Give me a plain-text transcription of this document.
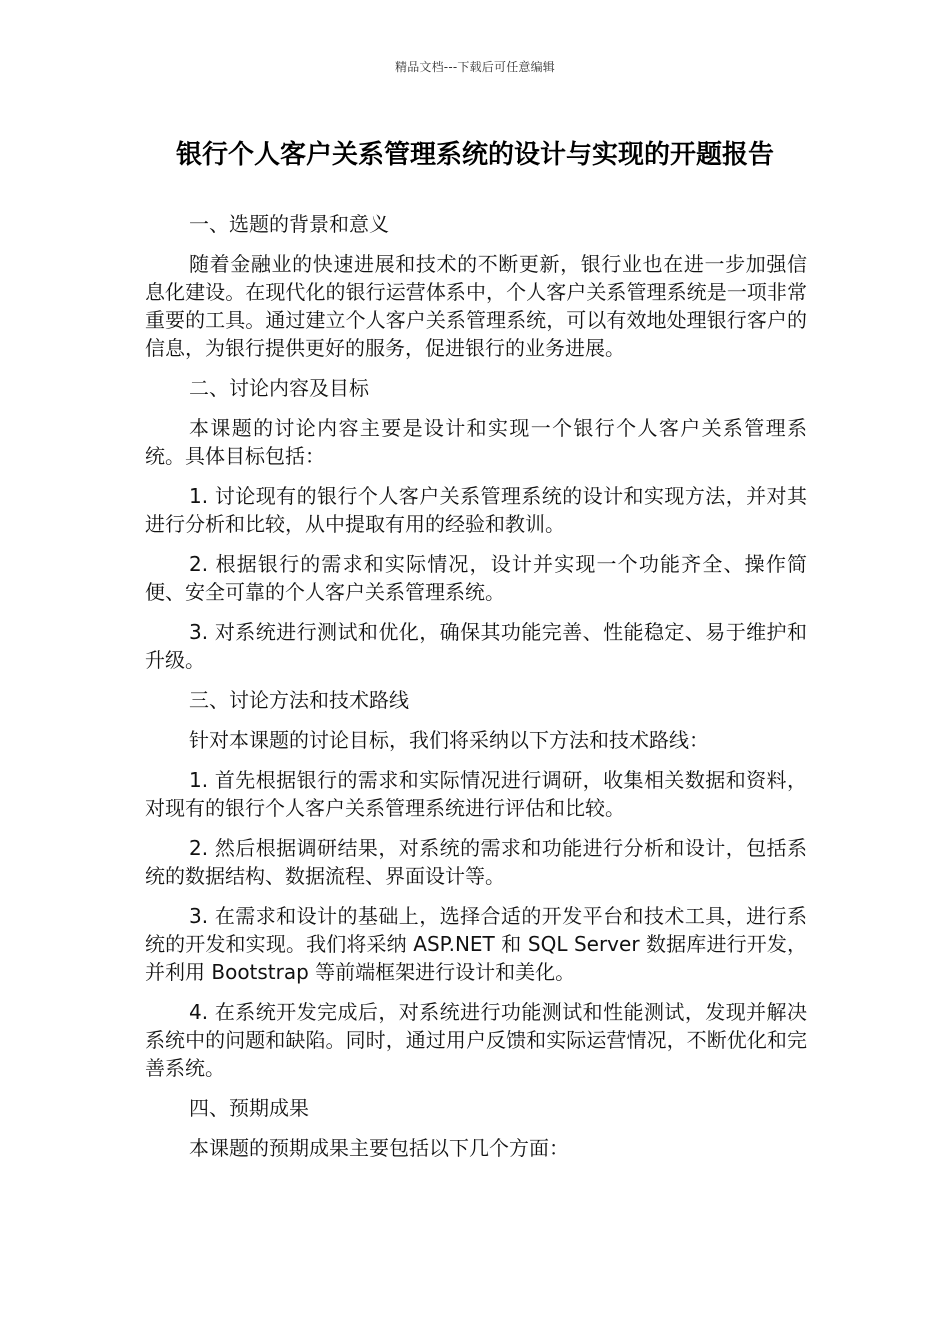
精品文档---下载后可任意编辑
银行个人客户关系管理系统的设计与实现的开题报告

一、选题的背景和意义

随着金融业的快速进展和技术的不断更新，银行业也在进一步加强信息化建设。在现代化的银行运营体系中，个人客户关系管理系统是一项非常重要的工具。通过建立个人客户关系管理系统，可以有效地处理银行客户的信息，为银行提供更好的服务，促进银行的业务进展。

二、讨论内容及目标

本课题的讨论内容主要是设计和实现一个银行个人客户关系管理系统。具体目标包括：

1. 讨论现有的银行个人客户关系管理系统的设计和实现方法，并对其进行分析和比较，从中提取有用的经验和教训。

2. 根据银行的需求和实际情况，设计并实现一个功能齐全、操作简便、安全可靠的个人客户关系管理系统。

3. 对系统进行测试和优化，确保其功能完善、性能稳定、易于维护和升级。

三、讨论方法和技术路线

针对本课题的讨论目标，我们将采纳以下方法和技术路线：

1. 首先根据银行的需求和实际情况进行调研，收集相关数据和资料，对现有的银行个人客户关系管理系统进行评估和比较。

2. 然后根据调研结果，对系统的需求和功能进行分析和设计，包括系统的数据结构、数据流程、界面设计等。

3. 在需求和设计的基础上，选择合适的开发平台和技术工具，进行系统的开发和实现。我们将采纳 ASP.NET 和 SQL Server 数据库进行开发，并利用 Bootstrap 等前端框架进行设计和美化。

4. 在系统开发完成后，对系统进行功能测试和性能测试，发现并解决系统中的问题和缺陷。同时，通过用户反馈和实际运营情况，不断优化和完善系统。

四、预期成果

本课题的预期成果主要包括以下几个方面：
